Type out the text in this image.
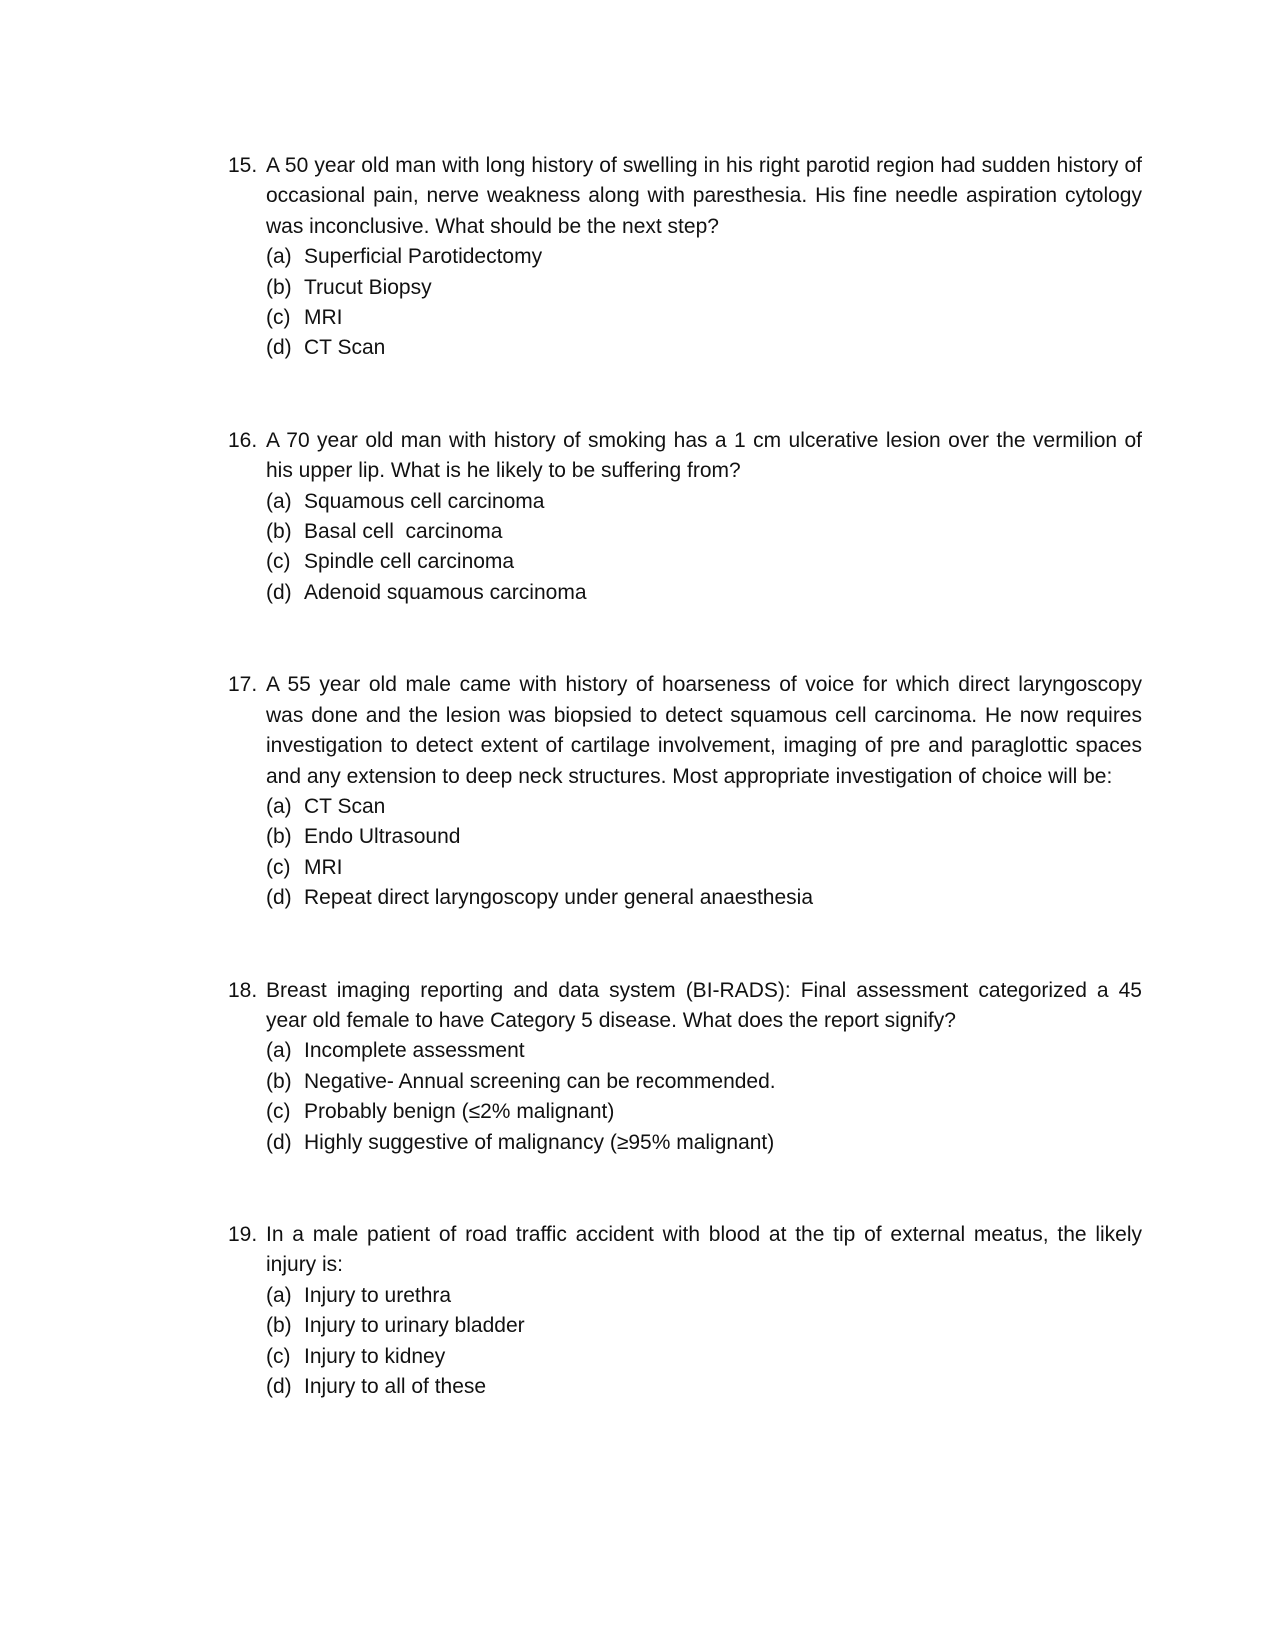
15. A 50 year old man with long history of swelling in his right parotid region had sudden history of occasional pain, nerve weakness along with paresthesia. His fine needle aspiration cytology was inconclusive. What should be the next step?
(a) Superficial Parotidectomy
(b) Trucut Biopsy
(c) MRI
(d) CT Scan
16. A 70 year old man with history of smoking has a 1 cm ulcerative lesion over the vermilion of his upper lip. What is he likely to be suffering from?
(a) Squamous cell carcinoma
(b) Basal cell  carcinoma
(c) Spindle cell carcinoma
(d) Adenoid squamous carcinoma
17. A 55 year old male came with history of hoarseness of voice for which direct laryngoscopy was done and the lesion was biopsied to detect squamous cell carcinoma. He now requires investigation to detect extent of cartilage involvement, imaging of pre and paraglottic spaces and any extension to deep neck structures. Most appropriate investigation of choice will be:
(a) CT Scan
(b) Endo Ultrasound
(c) MRI
(d) Repeat direct laryngoscopy under general anaesthesia
18. Breast imaging reporting and data system (BI-RADS): Final assessment categorized a 45 year old female to have Category 5 disease. What does the report signify?
(a) Incomplete assessment
(b) Negative- Annual screening can be recommended.
(c) Probably benign (≤2% malignant)
(d) Highly suggestive of malignancy (≥95% malignant)
19. In a male patient of road traffic accident with blood at the tip of external meatus, the likely injury is:
(a) Injury to urethra
(b) Injury to urinary bladder
(c) Injury to kidney
(d) Injury to all of these
